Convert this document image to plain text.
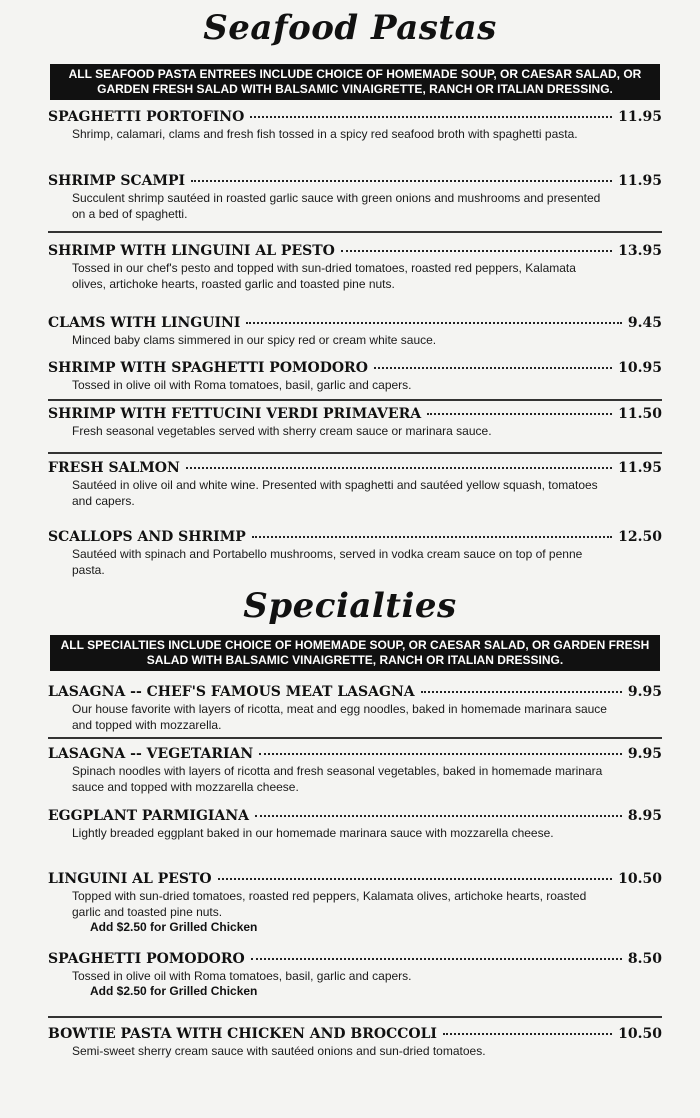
Seafood Pastas
ALL SEAFOOD PASTA ENTREES INCLUDE CHOICE OF HOMEMADE SOUP, OR CAESAR SALAD, OR GARDEN FRESH SALAD WITH BALSAMIC VINAIGRETTE, RANCH OR ITALIAN DRESSING.
SPAGHETTI PORTOFINO	11.95
Shrimp, calamari, clams and fresh fish tossed in a spicy red seafood broth with spaghetti pasta.
SHRIMP SCAMPI	11.95
Succulent shrimp sautéed in roasted garlic sauce with green onions and mushrooms and presented on a bed of spaghetti.
SHRIMP WITH LINGUINI AL PESTO	13.95
Tossed in our chef's pesto and topped with sun-dried tomatoes, roasted red peppers, Kalamata olives, artichoke hearts, roasted garlic and toasted pine nuts.
CLAMS WITH LINGUINI	9.45
Minced baby clams simmered in our spicy red or cream white sauce.
SHRIMP WITH SPAGHETTI POMODORO	10.95
Tossed in olive oil with Roma tomatoes, basil, garlic and capers.
SHRIMP WITH FETTUCINI VERDI PRIMAVERA	11.50
Fresh seasonal vegetables served with sherry cream sauce or marinara sauce.
FRESH SALMON	11.95
Sautéed in olive oil and white wine. Presented with spaghetti and sautéed yellow squash, tomatoes and capers.
SCALLOPS AND SHRIMP	12.50
Sautéed with spinach and Portabello mushrooms, served in vodka cream sauce on top of penne pasta.
Specialties
ALL SPECIALTIES INCLUDE CHOICE OF HOMEMADE SOUP, OR CAESAR SALAD, OR GARDEN FRESH SALAD WITH BALSAMIC VINAIGRETTE, RANCH OR ITALIAN DRESSING.
LASAGNA -- CHEF'S FAMOUS MEAT LASAGNA	9.95
Our house favorite with layers of ricotta, meat and egg noodles, baked in homemade marinara sauce and topped with mozzarella.
LASAGNA -- VEGETARIAN	9.95
Spinach noodles with layers of ricotta and fresh seasonal vegetables, baked in homemade marinara sauce and topped with mozzarella cheese.
EGGPLANT PARMIGIANA	8.95
Lightly breaded eggplant baked in our homemade marinara sauce with mozzarella cheese.
LINGUINI AL PESTO	10.50
Topped with sun-dried tomatoes, roasted red peppers, Kalamata olives, artichoke hearts, roasted garlic and toasted pine nuts.
Add $2.50 for Grilled Chicken
SPAGHETTI POMODORO	8.50
Tossed in olive oil with Roma tomatoes, basil, garlic and capers.
Add $2.50 for Grilled Chicken
BOWTIE PASTA WITH CHICKEN AND BROCCOLI	10.50
Semi-sweet sherry cream sauce with sautéed onions and sun-dried tomatoes.
